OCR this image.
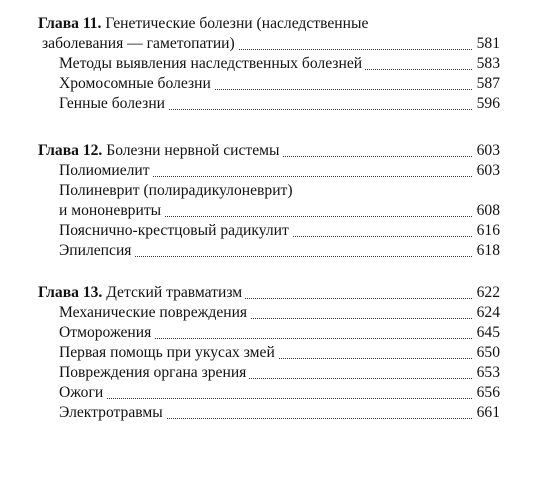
Глава 11. Генетические болезни (наследственные
заболевания — гаметопатии)	581
Методы выявления наследственных болезней	583
Хромосомные болезни	587
Генные болезни	596
Глава 12. Болезни нервной системы	603
Полиомиелит	603
Полиневрит (полирадикулоневрит)
и мононевриты	608
Пояснично-крестцовый радикулит	616
Эпилепсия	618
Глава 13. Детский травматизм	622
Механические повреждения	624
Отморожения	645
Первая помощь при укусах змей	650
Повреждения органа зрения	653
Ожоги	656
Электротравмы	661
